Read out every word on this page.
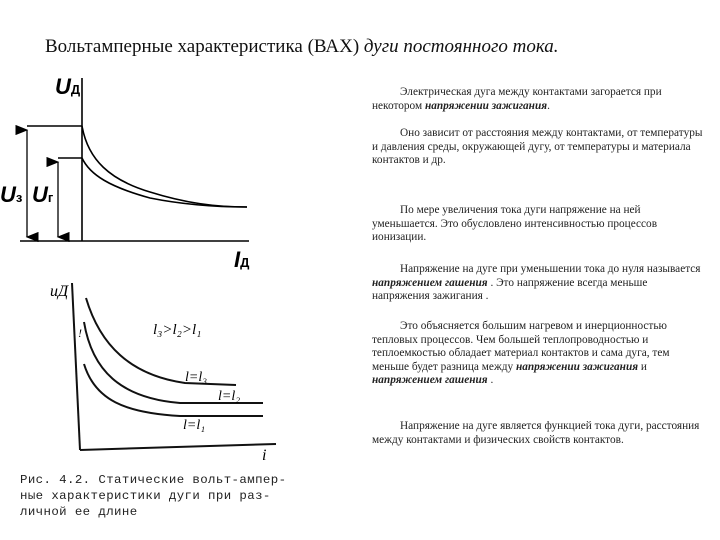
Вольтамперные характеристика (ВАХ) дуги постоянного тока.
UД
Uз Uг
IД
uД
i
!	l₃>l₂>l₁
l=l₃
l=l₂
l=l₁
Рис. 4.2. Статические вольт-ампер-
ные характеристики дуги при раз-
личной ее длине

Электрическая дуга между контактами загорается при некотором напряжении зажигания.

Оно зависит от расстояния между контактами, от температуры и давления среды, окружающей дугу, от температуры и материала контактов и др.

По мере увеличения тока дуги напряжение на ней уменьшается. Это обусловлено интенсивностью процессов ионизации.

Напряжение на дуге при уменьшении тока до нуля называется напряжением гашения . Это напряжение всегда меньше напряжения зажигания .

Это объясняется большим нагревом и инерционностью тепловых процессов. Чем большей теплопроводностью и теплоемкостью обладает материал контактов и сама дуга, тем меньше будет разница между напряжении зажигания и напряжением гашения .

Напряжение на дуге является функцией тока дуги, расстояния между контактами и физических свойств контактов.
